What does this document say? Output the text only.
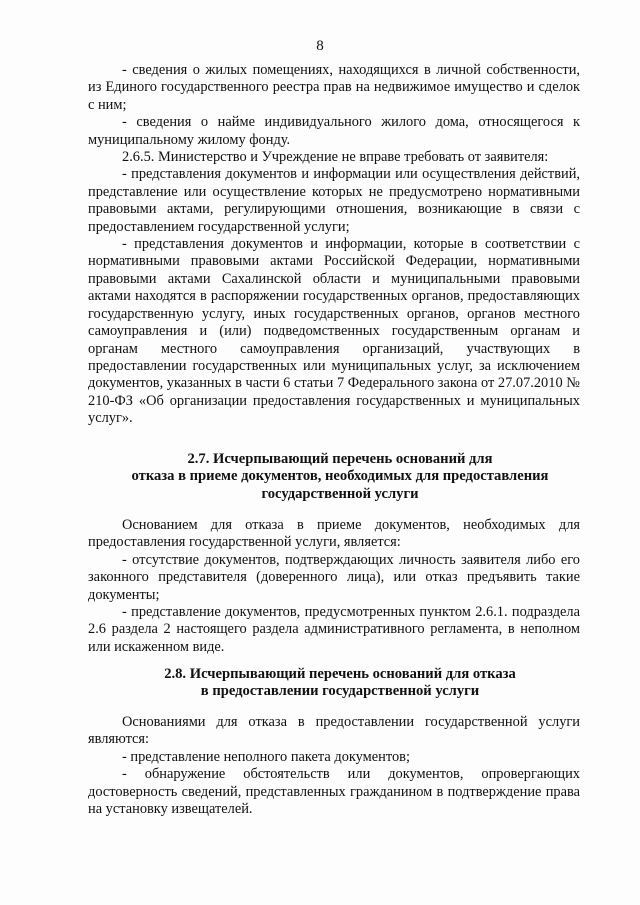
8

- сведения о жилых помещениях, находящихся в личной собственности, из Единого государственного реестра прав на недвижимое имущество и сделок с ним;

- сведения о найме индивидуального жилого дома, относящегося к муниципальному жилому фонду.

2.6.5. Министерство и Учреждение не вправе требовать от заявителя:

- представления документов и информации или осуществления действий, представление или осуществление которых не предусмотрено нормативными правовыми актами, регулирующими отношения, возникающие в связи с предоставлением государственной услуги;

- представления документов и информации, которые в соответствии с нормативными правовыми актами Российской Федерации, нормативными правовыми актами Сахалинской области и муниципальными правовыми актами находятся в распоряжении государственных органов, предоставляющих государственную услугу, иных государственных органов, органов местного самоуправления и (или) подведомственных государственным органам и органам местного самоуправления организаций, участвующих в предоставлении государственных или муниципальных услуг, за исключением документов, указанных в части 6 статьи 7 Федерального закона от 27.07.2010 № 210-ФЗ «Об организации предоставления государственных и муниципальных услуг».

2.7. Исчерпывающий перечень оснований для
отказа в приеме документов, необходимых для предоставления
государственной услуги

Основанием для отказа в приеме документов, необходимых для предоставления государственной услуги, является:

- отсутствие документов, подтверждающих личность заявителя либо его законного представителя (доверенного лица), или отказ предъявить такие документы;

- представление документов, предусмотренных пунктом 2.6.1. подраздела 2.6 раздела 2 настоящего раздела административного регламента, в неполном или искаженном виде.

2.8. Исчерпывающий перечень оснований для отказа
в предоставлении государственной услуги

Основаниями для отказа в предоставлении государственной услуги являются:

- представление неполного пакета документов;

- обнаружение обстоятельств или документов, опровергающих достоверность сведений, представленных гражданином в подтверждение права на установку извещателей.
